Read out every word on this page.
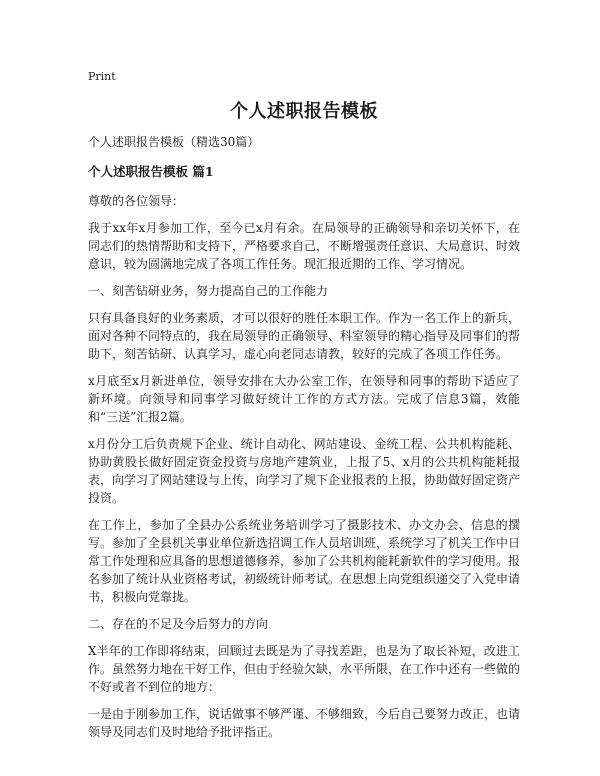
Print

个人述职报告模板

个人述职报告模板（精选30篇）

个人述职报告模板 篇1

尊敬的各位领导：

我于xx年x月参加工作，至今已x月有余。在局领导的正确领导和亲切关怀下，在同志们的热情帮助和支持下，严格要求自己，不断增强责任意识、大局意识、时效意识，较为圆满地完成了各项工作任务。现汇报近期的工作、学习情况。

一、刻苦钻研业务，努力提高自己的工作能力

只有具备良好的业务素质，才可以很好的胜任本职工作。作为一名工作上的新兵，面对各种不同特点的，我在局领导的正确领导、科室领导的精心指导及同事们的帮助下，刻苦钻研、认真学习，虚心向老同志请教，较好的完成了各项工作任务。

x月底至x月新进单位，领导安排在大办公室工作，在领导和同事的帮助下适应了新环境。向领导和同事学习做好统计工作的方式方法。完成了信息3篇，效能和“三送”汇报2篇。

x月份分工后负责规下企业、统计自动化、网站建设、金统工程、公共机构能耗、协助黄股长做好固定资金投资与房地产建筑业，上报了5、x月的公共机构能耗报表，向学习了网站建设与上传，向学习了规下企业报表的上报，协助做好固定资产投资。

在工作上，参加了全县办公系统业务培训学习了摄影技术、办文办会、信息的撰写。参加了全县机关事业单位新选招调工作人员培训班，系统学习了机关工作中日常工作处理和应具备的思想道德修养，参加了公共机构能耗新软件的学习使用。报名参加了统计从业资格考试，初级统计师考试。在思想上向党组织递交了入党申请书，积极向党靠拢。

二、存在的不足及今后努力的方向

X半年的工作即将结束，回顾过去既是为了寻找差距，也是为了取长补短，改进工作。虽然努力地在干好工作，但由于经验欠缺，水平所限，在工作中还有一些做的不好或者不到位的地方：

一是由于刚参加工作，说话做事不够严谨、不够细致，今后自己要努力改正，也请领导及同志们及时地给予批评指正。
